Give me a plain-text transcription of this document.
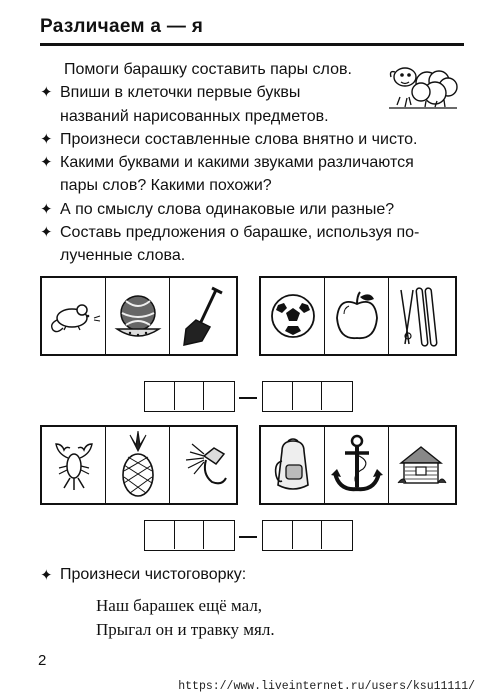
Различаем а — я
Помоги барашку составить пары слов.
✦ Впиши в клеточки первые буквы
названий нарисованных предметов.
✦ Произнеси составленные слова внятно и чисто.
✦ Какими буквами и какими звуками различаются
пары слов? Какими похожи?
✦ А по смыслу слова одинаковые или разные?
✦ Составь предложения о барашке, используя по-
лученные слова.
✦ Произнеси чистоговорку:
Наш барашек ещё мал,
Прыгал он и травку мял.
2
https://www.liveinternet.ru/users/ksu11111/
